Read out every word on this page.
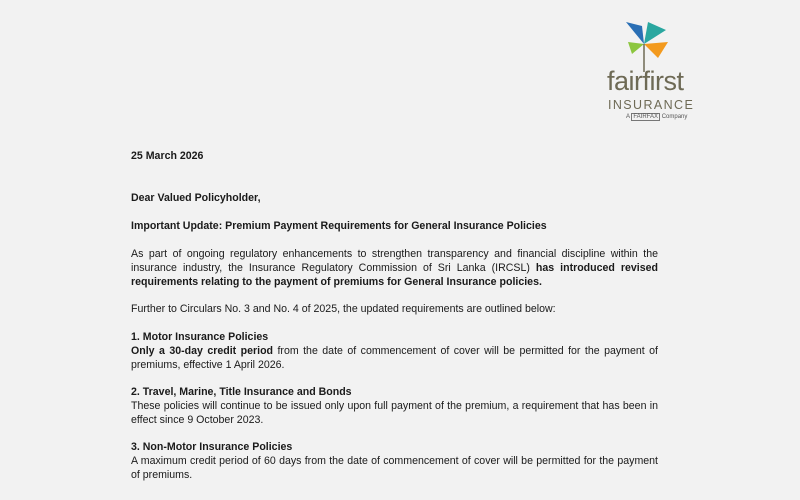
fairfirst
INSURANCE
A FAIRFAX Company
25 March 2026
Dear Valued Policyholder,
Important Update: Premium Payment Requirements for General Insurance Policies
As part of ongoing regulatory enhancements to strengthen transparency and financial discipline within the insurance industry, the Insurance Regulatory Commission of Sri Lanka (IRCSL) has introduced revised requirements relating to the payment of premiums for General Insurance policies.
Further to Circulars No. 3 and No. 4 of 2025, the updated requirements are outlined below:
1. Motor Insurance Policies
Only a 30-day credit period from the date of commencement of cover will be permitted for the payment of premiums, effective 1 April 2026.
2. Travel, Marine, Title Insurance and Bonds
These policies will continue to be issued only upon full payment of the premium, a requirement that has been in effect since 9 October 2023.
3. Non-Motor Insurance Policies
A maximum credit period of 60 days from the date of commencement of cover will be permitted for the payment of premiums.
